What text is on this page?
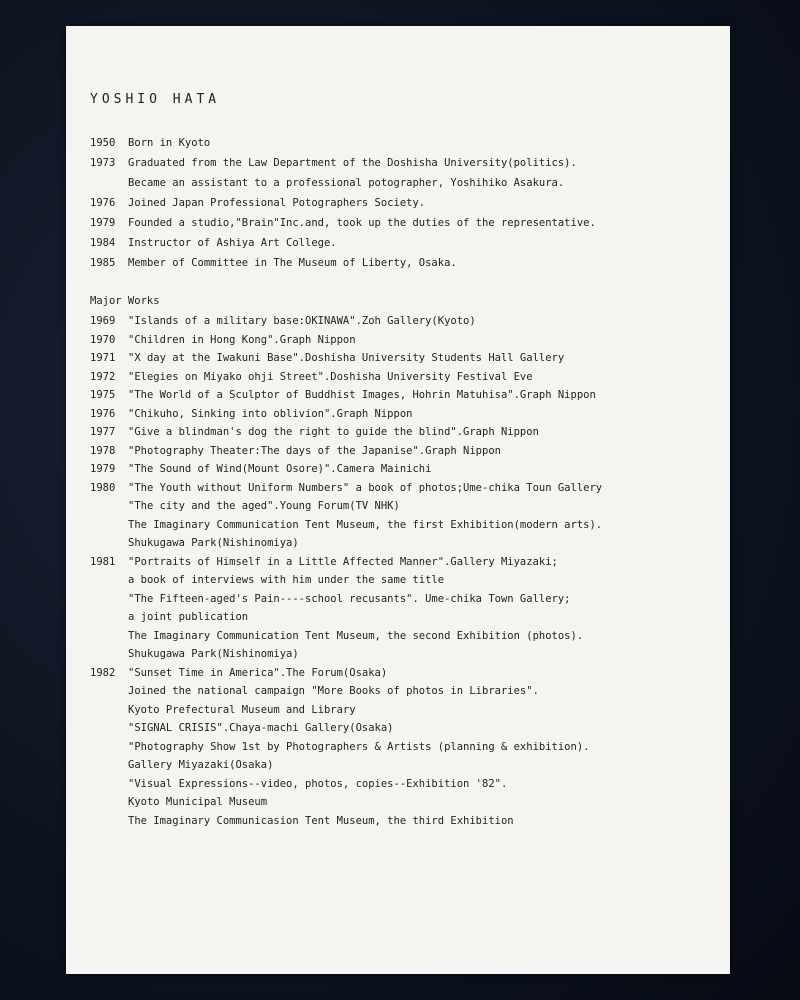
YOSHIO HATA
1950	Born in Kyoto
1973	Graduated from the Law Department of the Doshisha University(politics).
Became an assistant to a professional potographer, Yoshihiko Asakura.
1976	Joined Japan Professional Potographers Society.
1979	Founded a studio,"Brain"Inc.and, took up the duties of the representative.
1984	Instructor of Ashiya Art College.
1985	Member of Committee in The Museum of Liberty, Osaka.
Major Works
1969	"Islands of a military base:OKINAWA".Zoh Gallery(Kyoto)
1970	"Children in Hong Kong".Graph Nippon
1971	"X day at the Iwakuni Base".Doshisha University Students Hall Gallery
1972	"Elegies on Miyako ohji Street".Doshisha University Festival Eve
1975	"The World of a Sculptor of Buddhist Images, Hohrin Matuhisa".Graph Nippon
1976	"Chikuho, Sinking into oblivion".Graph Nippon
1977	"Give a blindman's dog the right to guide the blind".Graph Nippon
1978	"Photography Theater:The days of the Japanise".Graph Nippon
1979	"The Sound of Wind(Mount Osore)".Camera Mainichi
1980	"The Youth without Uniform Numbers" a book of photos;Ume-chika Toun Gallery
"The city and the aged".Young Forum(TV NHK)
The Imaginary Communication Tent Museum, the first Exhibition(modern arts).
Shukugawa Park(Nishinomiya)
1981	"Portraits of Himself in a Little Affected Manner".Gallery Miyazaki;
a book of interviews with him under the same title
"The Fifteen-aged's Pain----school recusants". Ume-chika Town Gallery;
a joint publication
The Imaginary Communication Tent Museum, the second Exhibition (photos).
Shukugawa Park(Nishinomiya)
1982	"Sunset Time in America".The Forum(Osaka)
Joined the national campaign "More Books of photos in Libraries".
Kyoto Prefectural Museum and Library
"SIGNAL CRISIS".Chaya-machi Gallery(Osaka)
"Photography Show 1st by Photographers & Artists (planning & exhibition).
Gallery Miyazaki(Osaka)
"Visual Expressions--video, photos, copies--Exhibition '82".
Kyoto Municipal Museum
The Imaginary Communicasion Tent Museum, the third Exhibition
